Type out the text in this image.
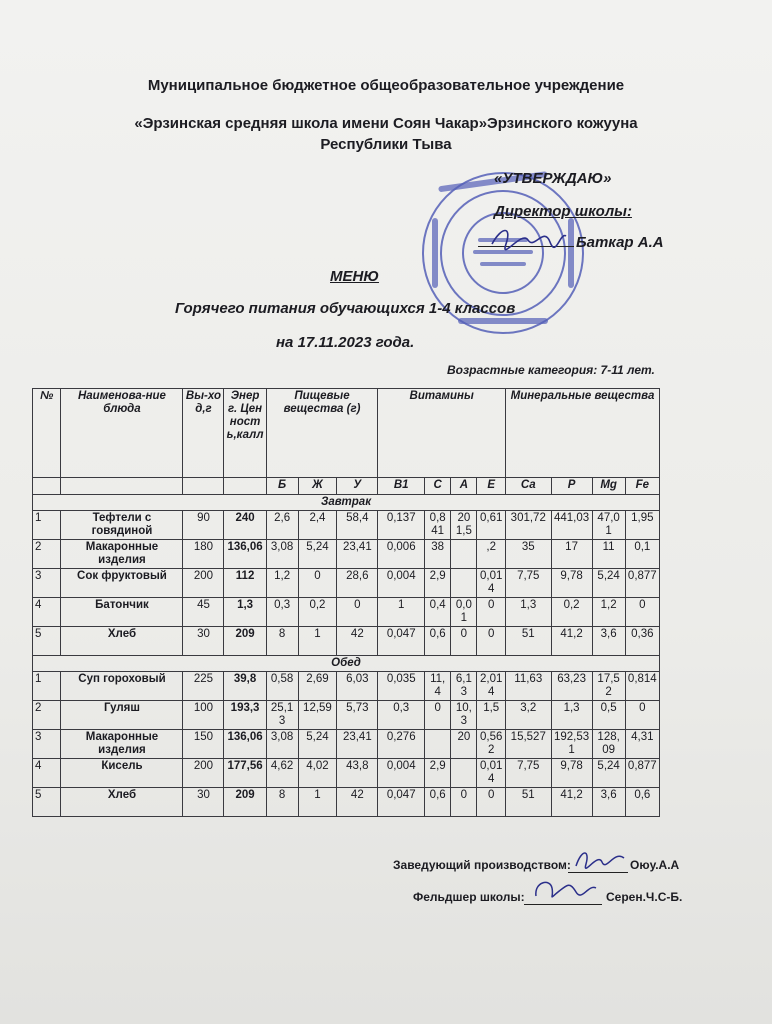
Муниципальное бюджетное общеобразовательное учреждение
«Эрзинская средняя школа имени Соян Чакар»Эрзинского кожууна
Республики Тыва
«УТВЕРЖДАЮ»
Директор школы:
Баткар А.А
МЕНЮ
Горячего питания обучающихся 1-4 классов
на 17.11.2023 года.
Возрастные категория: 7-11 лет.
№	Наименова-ние блюда	Вы-ход,г	Энерг. Ценность,калл	Пищевые вещества (г)			Витамины				Минеральные вещества			
				Б	Ж	У	В1	С	А	Е	Ca	P	Mg	Fe
Завтрак														
1	Тефтели с говядиной	90	240	2,6	2,4	58,4	0,137	0,841	201,5	0,61	301,72	441,03	47,01	1,95
2	Макаронные изделия	180	136,06	3,08	5,24	23,41	0,006	38		,2	35	17	11	0,1
3	Сок фруктовый	200	112	1,2	0	28,6	0,004	2,9		0,014	7,75	9,78	5,24	0,877
4	Батончик	45	1,3	0,3	0,2	0	1	0,4	0,01	0	1,3	0,2	1,2	0
5	Хлеб	30	209	8	1	42	0,047	0,6	0	0	51	41,2	3,6	0,36
Обед														
1	Суп гороховый	225	39,8	0,58	2,69	6,03	0,035	11,4	6,13	2,014	11,63	63,23	17,52	0,814
2	Гуляш	100	193,3	25,13	12,59	5,73	0,3	0	10,3	1,5	3,2	1,3	0,5	0
3	Макаронные изделия	150	136,06	3,08	5,24	23,41	0,276		20	0,562	15,527	192,531	128,09	4,31
4	Кисель	200	177,56	4,62	4,02	43,8	0,004	2,9		0,014	7,75	9,78	5,24	0,877
5	Хлеб	30	209	8	1	42	0,047	0,6	0	0	51	41,2	3,6	0,6
Заведующий производством:	Оюу.А.А
Фельдшер школы:	Серен.Ч.С-Б.
